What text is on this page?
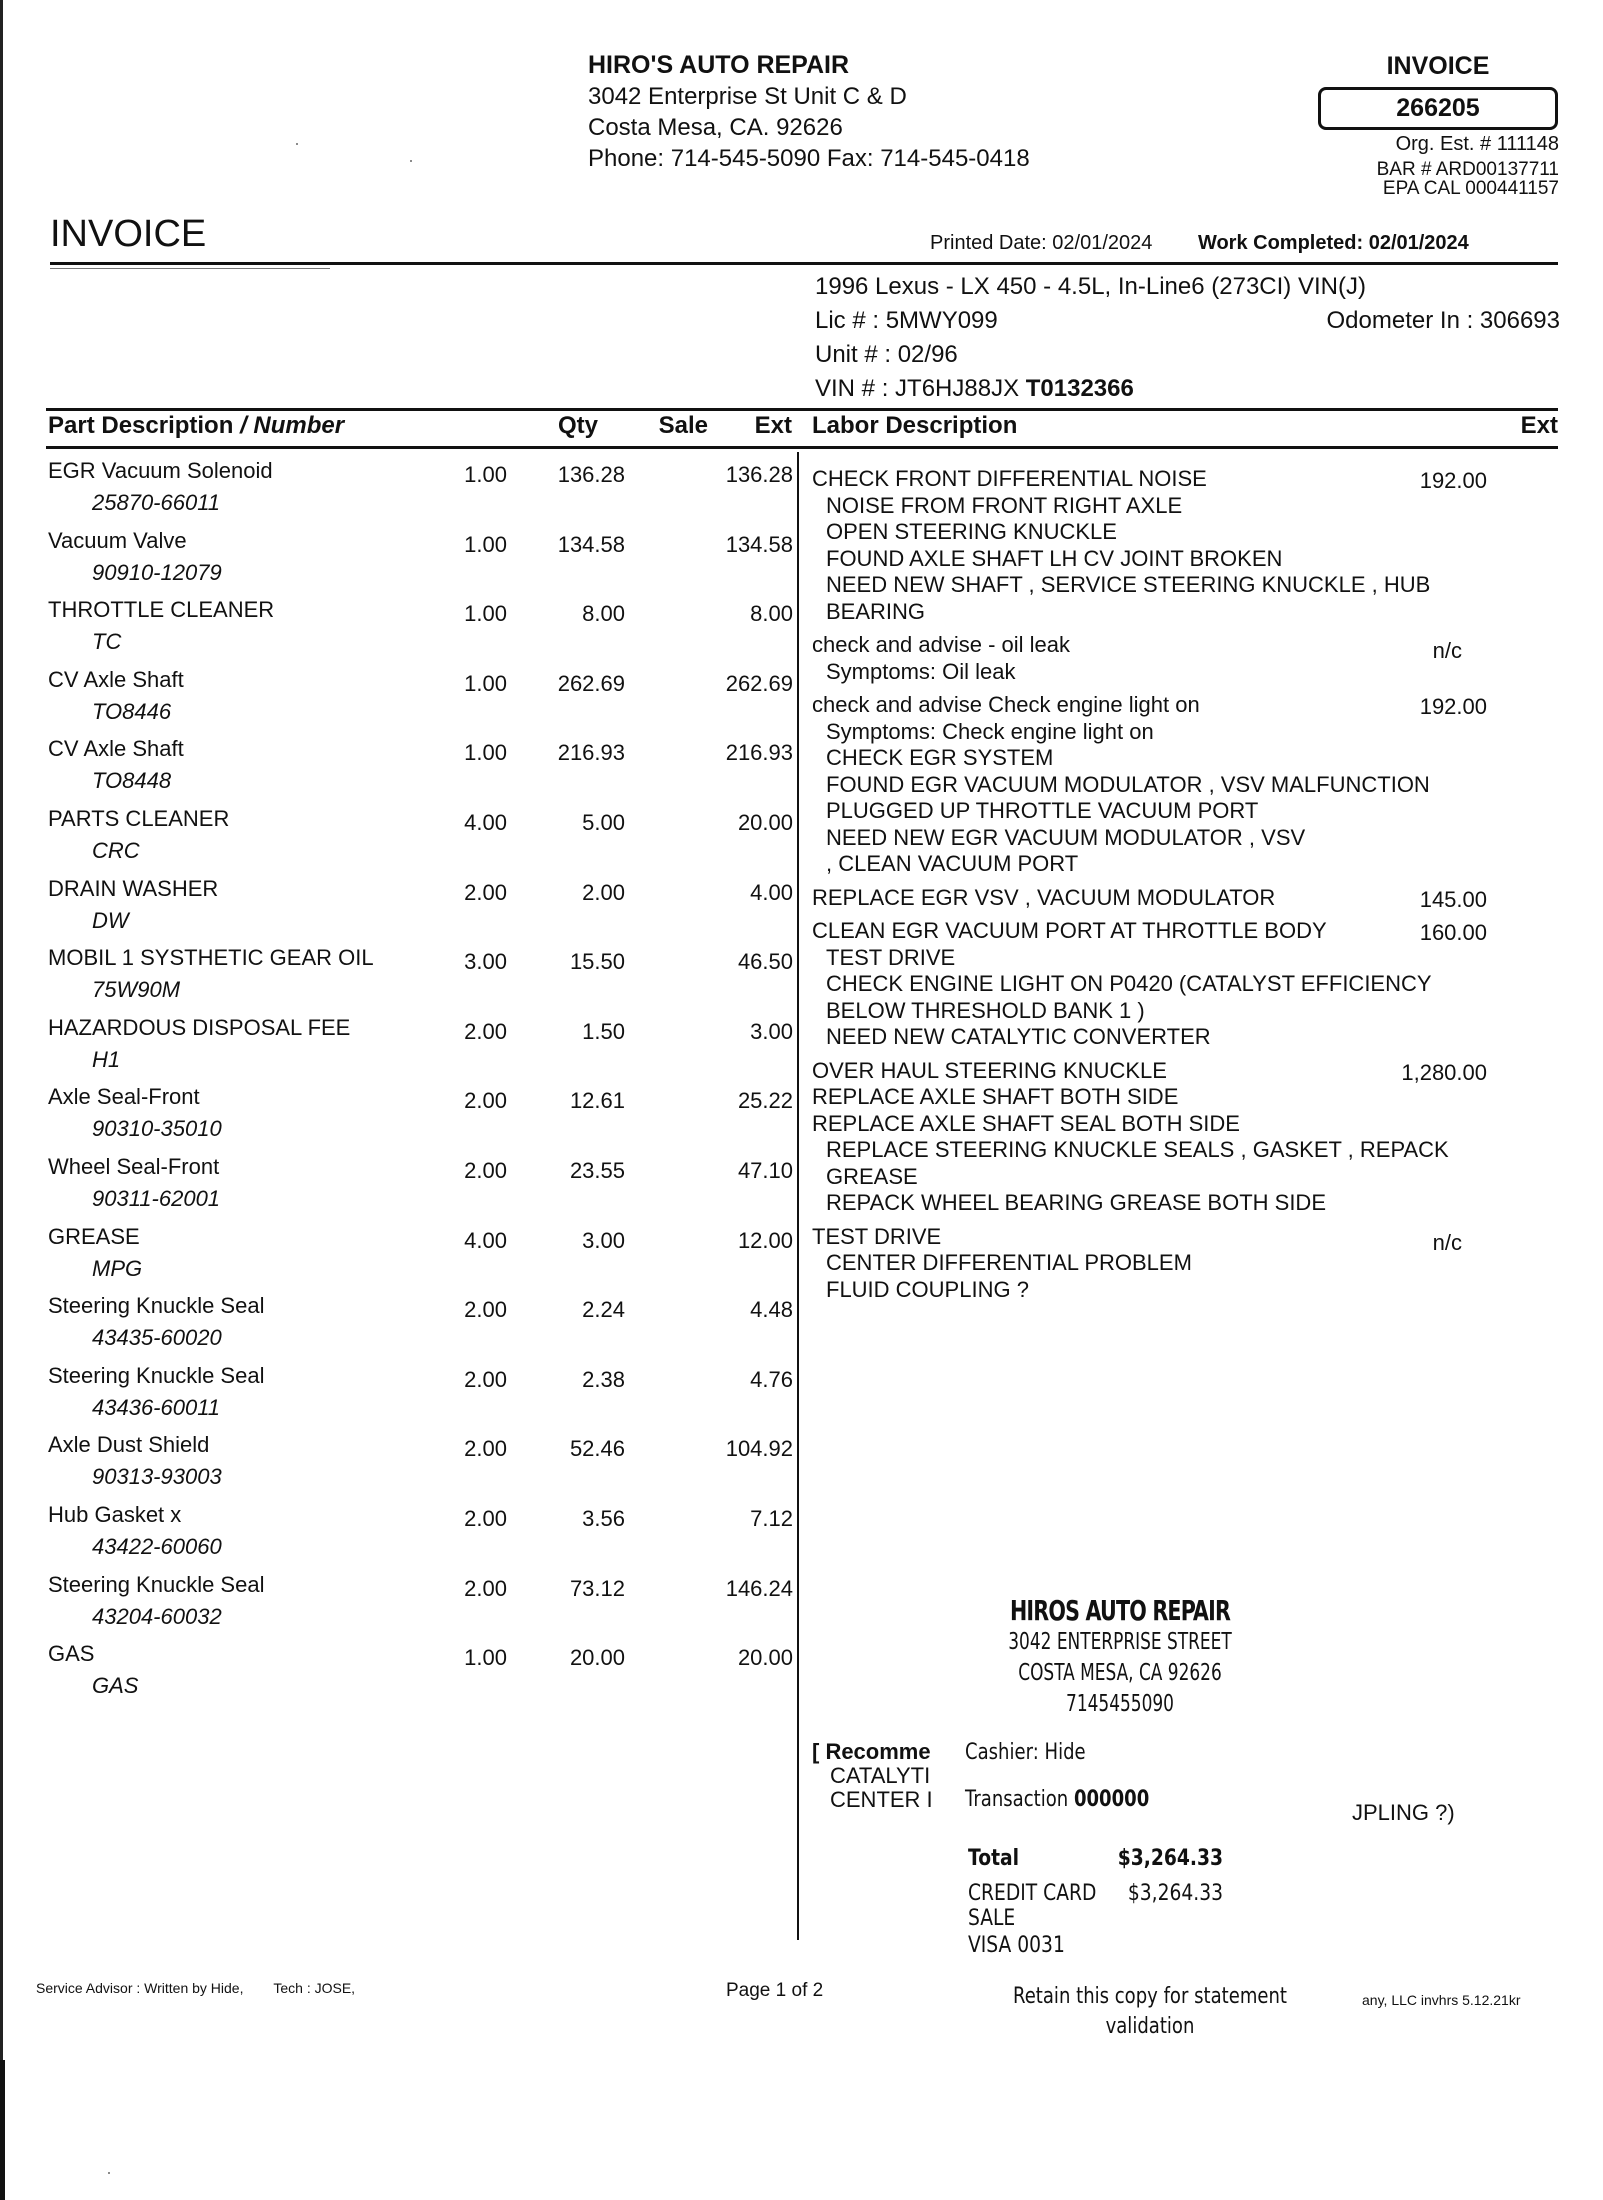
HIRO'S AUTO REPAIR
3042 Enterprise St Unit C & D
Costa Mesa, CA. 92626
Phone: 714-545-5090 Fax: 714-545-0418
INVOICE
266205
Org. Est. # 111148
BAR # ARD00137711
EPA CAL 000441157
INVOICE	Printed Date: 02/01/2024 Work Completed: 02/01/2024
1996 Lexus - LX 450 - 4.5L, In-Line6 (273CI) VIN(J)
Lic # : 5MWY099	Odometer In : 306693
Unit # : 02/96
VIN # : JT6HJ88JX T0132366
Part Description / Number	Qty	Sale	Ext Labor Description	Ext
EGR Vacuum Solenoid
25870-66011
1.00 136.28	136.28
Vacuum Valve
90910-12079
1.00 134.58	134.58
THROTTLE CLEANER
TC
1.00	8.00	8.00
CV Axle Shaft
TO8446
1.00 262.69	262.69
CV Axle Shaft
TO8448
1.00 216.93	216.93
PARTS CLEANER
CRC
4.00	5.00	20.00
DRAIN WASHER
DW
2.00	2.00	4.00
MOBIL 1 SYSTHETIC GEAR OIL
75W90M
3.00	15.50	46.50
HAZARDOUS DISPOSAL FEE
H1
2.00	1.50	3.00
Axle Seal-Front
90310-35010
2.00	12.61	25.22
Wheel Seal-Front
90311-62001
2.00	23.55	47.10
GREASE
MPG
4.00	3.00	12.00
Steering Knuckle Seal
43435-60020
2.00	2.24	4.48
Steering Knuckle Seal
43436-60011
2.00	2.38	4.76
Axle Dust Shield
90313-93003
2.00	52.46	104.92
Hub Gasket x
43422-60060
2.00	3.56	7.12
Steering Knuckle Seal
43204-60032
2.00	73.12	146.24
GAS
GAS
1.00	20.00	20.00
CHECK FRONT DIFFERENTIAL NOISE	192.00
NOISE FROM FRONT RIGHT AXLE
OPEN STEERING KNUCKLE
FOUND AXLE SHAFT LH CV JOINT BROKEN
NEED NEW SHAFT , SERVICE STEERING KNUCKLE , HUB
BEARING
check and advise - oil leak	n/c
Symptoms: Oil leak
check and advise Check engine light on	192.00
Symptoms: Check engine light on
CHECK EGR SYSTEM
FOUND EGR VACUUM MODULATOR , VSV MALFUNCTION
PLUGGED UP THROTTLE VACUUM PORT
NEED NEW EGR VACUUM MODULATOR , VSV
, CLEAN VACUUM PORT
REPLACE EGR VSV , VACUUM MODULATOR	145.00
CLEAN EGR VACUUM PORT AT THROTTLE BODY	160.00
TEST DRIVE
CHECK ENGINE LIGHT ON P0420 (CATALYST EFFICIENCY
BELOW THRESHOLD BANK 1 )
NEED NEW CATALYTIC CONVERTER
OVER HAUL STEERING KNUCKLE	1,280.00
REPLACE AXLE SHAFT BOTH SIDE
REPLACE AXLE SHAFT SEAL BOTH SIDE
REPLACE STEERING KNUCKLE SEALS , GASKET , REPACK
GREASE
REPACK WHEEL BEARING GREASE BOTH SIDE
TEST DRIVE	n/c
CENTER DIFFERENTIAL PROBLEM
FLUID COUPLING ?
[ Recomme
CATALYTI
CENTER I
JPLING ?)
HIROS AUTO REPAIR
3042 ENTERPRISE STREET
COSTA MESA, CA 92626
7145455090
Cashier: Hide
Transaction 000000
Total	$3,264.33
CREDIT CARD SALE
$3,264.33
VISA 0031
Service Advisor : Written by Hide, Tech : JOSE,	Page 1 of 2	Retain this copy for statement validation
any, LLC invhrs 5.12.21kr
